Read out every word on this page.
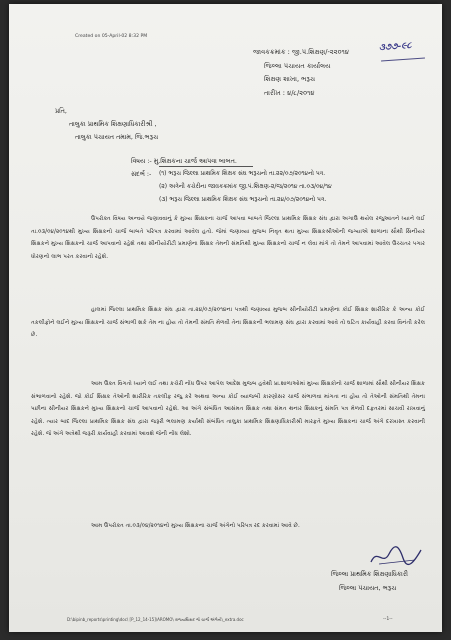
Created on 05-April-02 8:32 PM
જાવકક્રમાંક : જી.પં.શિક્ષણ/-૨૨૦૧૪	૩૭૭-૯૮
જિલ્લા પંચાયત કાર્યાલય
શિક્ષણ શાખા, ભરૂચ
તારીખ : ૪/૮/૨૦૧૪
પ્રતિ,
તાલુકા પ્રાથમિક શિક્ષણાધિકારીશ્રી ,
તાલુકા પંચાયત તમામ, જિ.ભરૂચ
વિષય :- મુ.શિક્ષકના ચાર્જ આપવા બાબત.
સંદર્ભ :- (૧) ભરૂચ જિલ્લા પ્રાથમિક શિક્ષક સંઘ ભરૂચનો તા.૨૨/૦૭/૨૦૧૪નો પત્ર.
(૨) અત્રેની કચેરીના જાવકક્રમાંક જી.પં.શિક્ષણ-૨/જ/૨૦૧૪ તા.૦૩/૦૪/૧૪
(૩) ભરૂચ જિલ્લા પ્રાથમિક શિક્ષક સંઘ ભરૂચનો તા.૨૪/૦૭/૨૦૧૪નો પત્ર.
ઉપરોક્ત વિષય અન્વયે જણાવવાનું કે મુખ્ય શિક્ષકના ચાર્જ આપવા બાબતે જિલ્લા પ્રાથમિક શિક્ષક સંઘ દ્વારા અગાઉ થયેલ રજુઆતને ધ્યાને લઈ તા.૦૩/૦૪/૨૦૧૪થી મુખ્ય શિક્ષકનો ચાર્જ બાબતે પરિપત્ર કરવામાં આવેલ હતો. જેમાં જણાવ્યા મુજબ નિવૃત થતા મુખ્ય શિક્ષકશ્રીઓની જગ્યાએ શાળાના સૌથી સિનીયર શિક્ષકને મુખ્ય શિક્ષકનો ચાર્જ આપવાનો રહેશે તથા સીનીયોરીટી પ્રમાણેના શિક્ષક તેમની સંમતિથી મુખ્ય શિક્ષકનો ચાર્જ ન લેવા માંગે તો તેમને આપવામાં આવેલ ઉચ્ચતર પગાર ધોરણનો લાભ પરત કરવાનો રહેશે.
હાલમાં જિલ્લા પ્રાથમિક શિક્ષક સંઘ દ્વારા તા.૨૪/૦૭/૨૦૧૪ના પત્રથી જણાવ્યા મુજબ સીનીયોરીટી પ્રમાણેના કોઈ શિક્ષક શારીરિક કે અન્ય કોઈ તકલીફોને લઈને મુખ્ય શિક્ષકનો ચાર્જ સંભાળી શકે તેમ ના હોય તો તેમની સંમતિ મેળવી તેના શિક્ષકની ભલામણ સંઘ દ્વારા કરવામાં આવે તો ઘટિત કાર્યવાહી કરવા વિનંતી કરેલ છે.
આમ ઉક્ત વિગતો ધ્યાને લઈ તથા કચેરી નોંધ ઉપર આપેલ આદેશ મુજબ હવેથી પ્રા.શાળાઓમાં મુખ્ય શિક્ષકોનો ચાર્જ શાળામાં સૌથી સીનીયર શિક્ષક સંભાળવાનો રહેશે. જો કોઈ શિક્ષક તેઓની શારીરિક તકલીફ રજુ કરે અથવા અન્ય કોઈ વ્યાજબી કારણોસર ચાર્જ સંભાળવા માંગતા ના હોય તો તેઓની સંમતિથી તેમના પછીના સીનીયર શિક્ષકને મુખ્ય શિક્ષકનો ચાર્જ આપવાનો રહેશે. આ અંગે સંબંધિત આસંમત શિક્ષક તથા સંમત થનાર શિક્ષકનું સંમતિ પત્ર મેળવી દફતરમાં સાચવી રાખવાનું રહેશે. ત્યાર બાદ જિલ્લા પ્રાથમિક શિક્ષક સંઘ દ્વારા જરૂરી ભલામણ કર્યાથી સંબંધિત તાલુકા પ્રાથમિક શિક્ષણાધિકારીશ્રી મારફતે મુખ્ય શિક્ષકના ચાર્જ અંગે દરખાસ્ત કરવાની રહેશે. જે અંગે અત્રેથી જરૂરી કાર્યવાહી કરવામાં આવશે જેની નોંધ લેશો.
આમ ઉપરોક્ત તા.૦૩/૦૪/૨૦૧૪નો મુખ્ય શિક્ષકના ચાર્જ અંગેનો પરિપત્ર રદ કરવામાં આવે છે.
જિલ્લા પ્રાથમિક શિક્ષણાધિકારી
જિલ્લા પંચાયત, ભરૂચ
D:\bipinb_reports\printing\doc\ [P_12_14-15]\AROMO\ રાજયશિક્ષક જે ચાર્જ અંગેનો\_extra.doc	--1--
